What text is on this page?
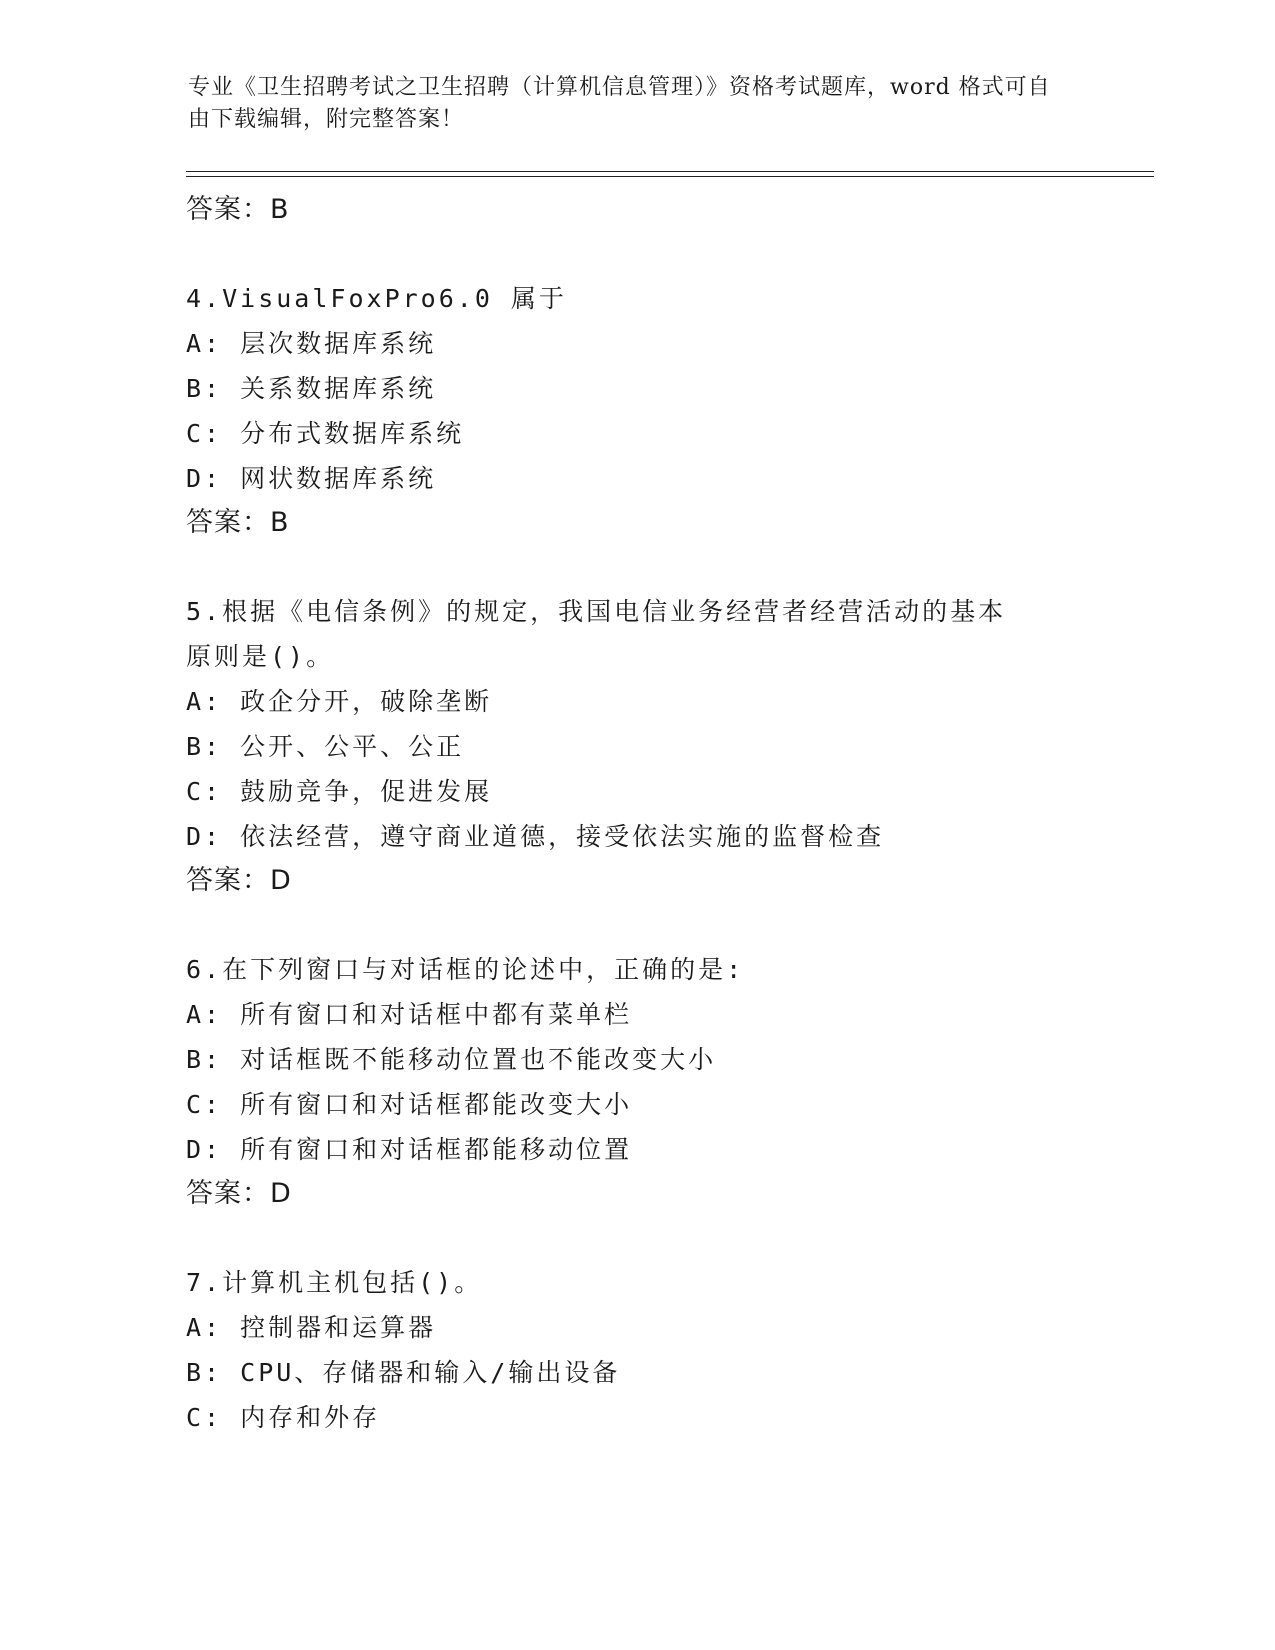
专业《卫生招聘考试之卫生招聘（计算机信息管理）》资格考试题库，word 格式可自由下载编辑，附完整答案！
答案：B
4.VisualFoxPro6.0 属于
A: 层次数据库系统
B: 关系数据库系统
C: 分布式数据库系统
D: 网状数据库系统
答案：B
5.根据《电信条例》的规定，我国电信业务经营者经营活动的基本原则是()。
A: 政企分开，破除垄断
B: 公开、公平、公正
C: 鼓励竞争，促进发展
D: 依法经营，遵守商业道德，接受依法实施的监督检查
答案：D
6.在下列窗口与对话框的论述中，正确的是:
A: 所有窗口和对话框中都有菜单栏
B: 对话框既不能移动位置也不能改变大小
C: 所有窗口和对话框都能改变大小
D: 所有窗口和对话框都能移动位置
答案：D
7.计算机主机包括()。
A: 控制器和运算器
B: CPU、存储器和输入/输出设备
C: 内存和外存
